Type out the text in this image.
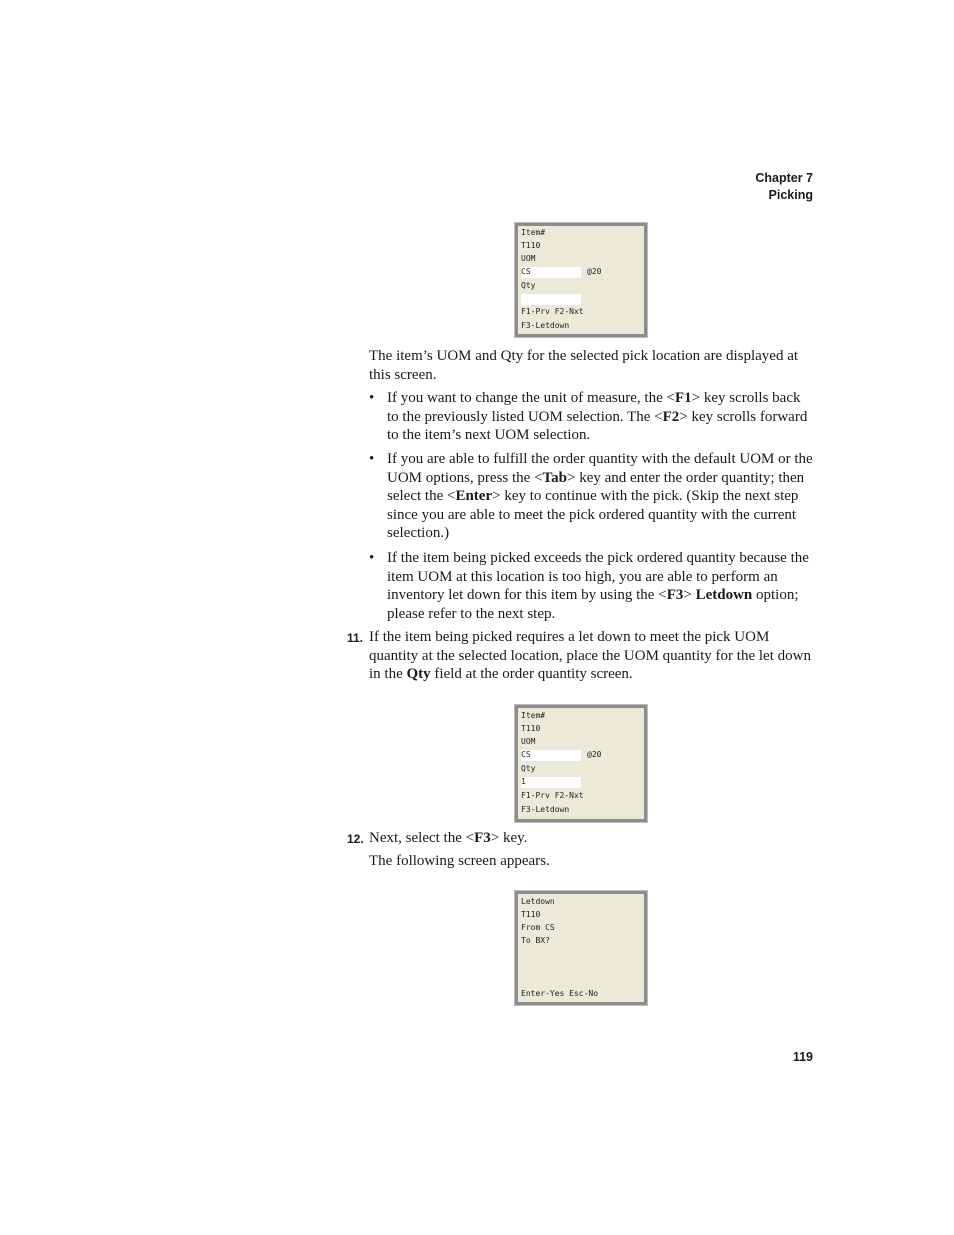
Chapter 7
Picking
Item#
T110
UOM
CS	@20
Qty
F1-Prv F2-Nxt
F3-Letdown
The item’s UOM and Qty for the selected pick location are displayed at this screen.
• If you want to change the unit of measure, the <F1> key scrolls back to the previously listed UOM selection. The <F2> key scrolls forward to the item’s next UOM selection.
• If you are able to fulfill the order quantity with the default UOM or the UOM options, press the <Tab> key and enter the order quantity; then select the <Enter> key to continue with the pick. (Skip the next step since you are able to meet the pick ordered quantity with the current selection.)
• If the item being picked exceeds the pick ordered quantity because the item UOM at this location is too high, you are able to perform an inventory let down for this item by using the <F3> Letdown option; please refer to the next step.
11. If the item being picked requires a let down to meet the pick UOM quantity at the selected location, place the UOM quantity for the let down in the Qty field at the order quantity screen.
Item#
T110
UOM
CS	@20
Qty
1
F1-Prv F2-Nxt
F3-Letdown
12. Next, select the <F3> key.
The following screen appears.
Letdown
T110
From CS
To BX?
Enter-Yes Esc-No
119
